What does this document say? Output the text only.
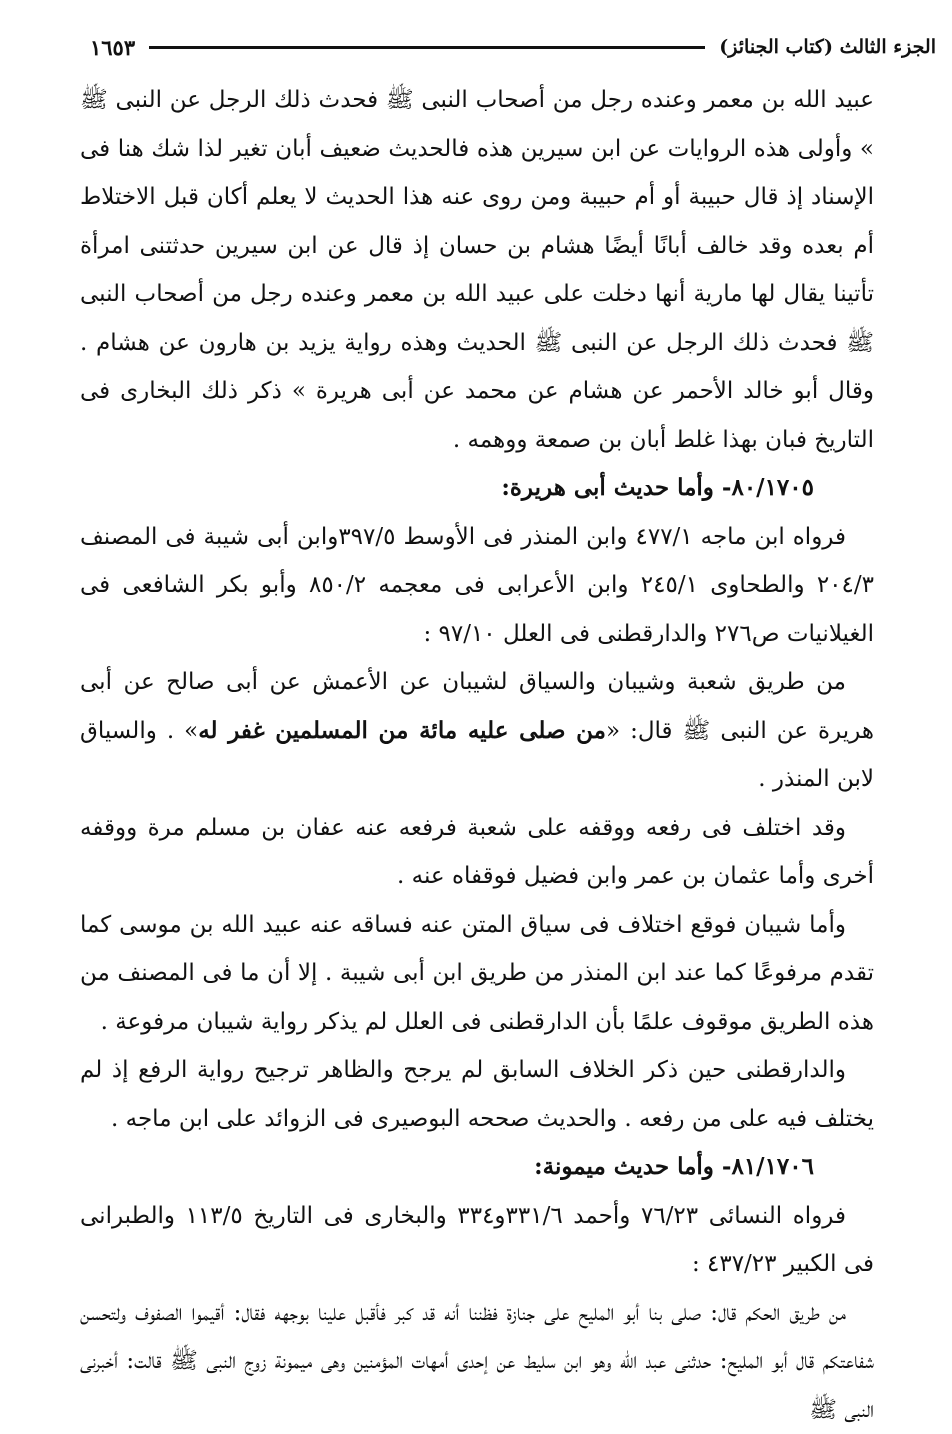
الجزء الثالث (كتاب الجنائز)
١٦٥٣

عبيد الله بن معمر وعنده رجل من أصحاب النبى ﷺ فحدث ذلك الرجل عن النبى ﷺ » وأولى هذه الروايات عن ابن سيرين هذه فالحديث ضعيف أبان تغير لذا شك هنا فى الإسناد إذ قال حبيبة أو أم حبيبة ومن روى عنه هذا الحديث لا يعلم أكان قبل الاختلاط أم بعده وقد خالف أبانًا أيضًا هشام بن حسان إذ قال عن ابن سيرين حدثتنى امرأة تأتينا يقال لها مارية أنها دخلت على عبيد الله بن معمر وعنده رجل من أصحاب النبى ﷺ فحدث ذلك الرجل عن النبى ﷺ الحديث وهذه رواية يزيد بن هارون عن هشام . وقال أبو خالد الأحمر عن هشام عن محمد عن أبى هريرة » ذكر ذلك البخارى فى التاريخ فبان بهذا غلط أبان بن صمعة ووهمه .

٨٠/١٧٠٥- وأما حديث أبى هريرة:

فرواه ابن ماجه ٤٧٧/١ وابن المنذر فى الأوسط ٣٩٧/٥وابن أبى شيبة فى المصنف ٢٠٤/٣ والطحاوى ٢٤٥/١ وابن الأعرابى فى معجمه ٨٥٠/٢ وأبو بكر الشافعى فى الغيلانيات ص٢٧٦ والدارقطنى فى العلل ٩٧/١٠ :

من طريق شعبة وشيبان والسياق لشيبان عن الأعمش عن أبى صالح عن أبى هريرة عن النبى ﷺ قال: «من صلى عليه مائة من المسلمين غفر له» . والسياق لابن المنذر .

وقد اختلف فى رفعه ووقفه على شعبة فرفعه عنه عفان بن مسلم مرة ووقفه أخرى وأما عثمان بن عمر وابن فضيل فوقفاه عنه .

وأما شيبان فوقع اختلاف فى سياق المتن عنه فساقه عنه عبيد الله بن موسى كما تقدم مرفوعًا كما عند ابن المنذر من طريق ابن أبى شيبة . إلا أن ما فى المصنف من هذه الطريق موقوف علمًا بأن الدارقطنى فى العلل لم يذكر رواية شيبان مرفوعة .

والدارقطنى حين ذكر الخلاف السابق لم يرجح والظاهر ترجيح رواية الرفع إذ لم يختلف فيه على من رفعه . والحديث صححه البوصيرى فى الزوائد على ابن ماجه .

٨١/١٧٠٦- وأما حديث ميمونة:

فرواه النسائى ٧٦/٢٣ وأحمد ٣٣١/٦و٣٣٤ والبخارى فى التاريخ ١١٣/٥ والطبرانى فى الكبير ٤٣٧/٢٣ :

من طريق الحكم قال: صلى بنا أبو المليح على جنازة فظننا أنه قد كبر فأقبل علينا بوجهه فقال: أقيموا الصفوف ولتحسن شفاعتكم قال أبو المليح: حدثنى عبد الله وهو ابن سليط عن إحدى أمهات المؤمنين وهى ميمونة زوج النبى ﷺ قالت: أخبرنى النبى ﷺ
